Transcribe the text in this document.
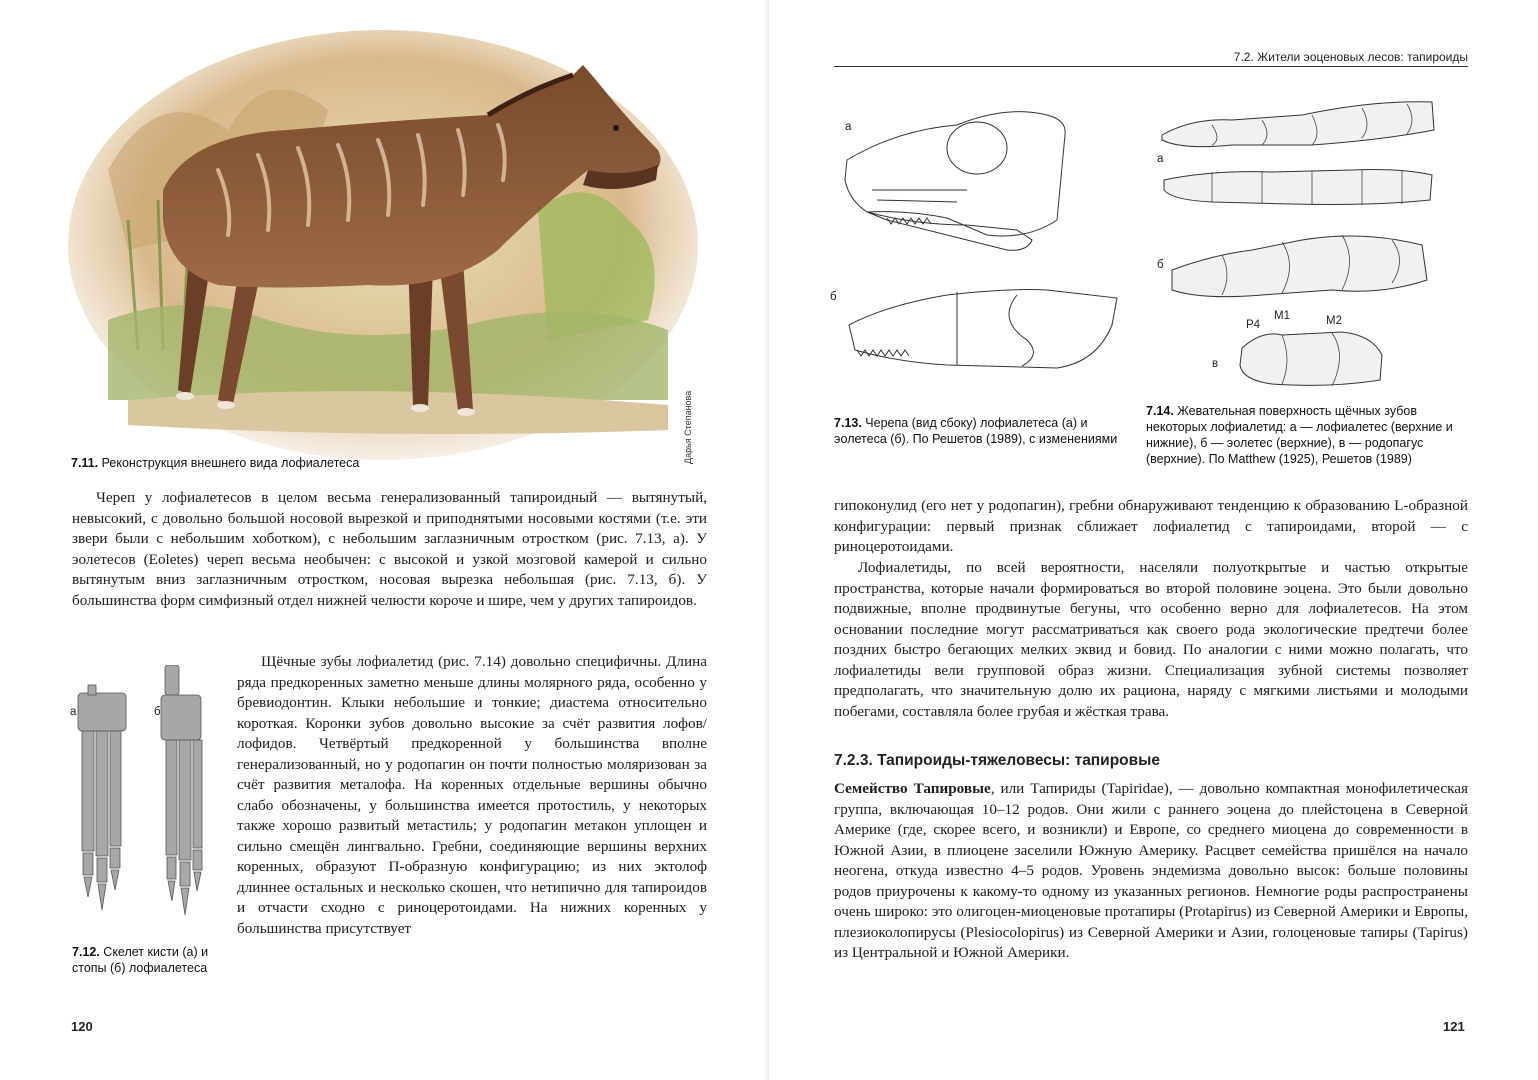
Дарья Степанова
7.11. Реконструкция внешнего вида лофиалетеса
Череп у лофиалетесов в целом весьма генерализованный тапироидный — вытянутый, невысокий, с довольно большой носовой вырезкой и приподнятыми носовыми костями (т.е. эти звери были с небольшим хоботком), с небольшим заглазничным отростком (рис. 7.13, а). У эолетесов (Eoletes) череп весьма необычен: с высокой и узкой мозговой камерой и сильно вытянутым вниз заглазничным отростком, носовая вырезка небольшая (рис. 7.13, б). У большинства форм симфизный отдел нижней челюсти короче и шире, чем у других тапироидов.
а	б
Щёчные зубы лофиалетид (рис. 7.14) довольно специфичны. Длина ряда предкоренных заметно меньше длины молярного ряда, особенно у бревиодонтин. Клыки небольшие и тонкие; диастема относительно короткая. Коронки зубов довольно высокие за счёт развития лофов/лофидов. Четвёртый предкоренной у большинства вполне генерализованный, но у родопагин он почти полностью моляризован за счёт развития металофа. На коренных отдельные вершины обычно слабо обозначены, у большинства имеется протостиль, у некоторых также хорошо развитый метастиль; у родопагин метакон уплощен и сильно смещён лингвально. Гребни, соединяющие вершины верхних коренных, образуют П-образную конфигурацию; из них эктолоф длиннее остальных и несколько скошен, что нетипично для тапироидов и отчасти сходно с риноцеротоидами. На нижних коренных у большинства присутствует
7.12. Скелет кисти (а) и стопы (б) лофиалетеса
120
7.2. Жители эоценовых лесов: тапироиды
а
б
а
б
в
P4
M1	M2
7.13. Черепа (вид сбоку) лофиалетеса (а) и эолетеса (б). По Решетов (1989), с изменениями
7.14. Жевательная поверхность щёчных зубов некоторых лофиалетид: а — лофиалетес (верхние и нижние), б — эолетес (верхние), в — родопагус (верхние). По Matthew (1925), Решетов (1989)
гипоконулид (его нет у родопагин), гребни обнаруживают тенденцию к образованию L-образной конфигурации: первый признак сближает лофиалетид с тапироидами, второй — с риноцеротоидами.
Лофиалетиды, по всей вероятности, населяли полуоткрытые и частью открытые пространства, которые начали формироваться во второй половине эоцена. Это были довольно подвижные, вполне продвинутые бегуны, что особенно верно для лофиалетесов. На этом основании последние могут рассматриваться как своего рода экологические предтечи более поздних быстро бегающих мелких эквид и бовид. По аналогии с ними можно полагать, что лофиалетиды вели групповой образ жизни. Специализация зубной системы позволяет предполагать, что значительную долю их рациона, наряду с мягкими листьями и молодыми побегами, составляла более грубая и жёсткая трава.
7.2.3. Тапироиды-тяжеловесы: тапировые
Семейство Тапировые, или Тапириды (Tapiridae), — довольно компактная монофилетическая группа, включающая 10–12 родов. Они жили с раннего эоцена до плейстоцена в Северной Америке (где, скорее всего, и возникли) и Европе, со среднего миоцена до современности в Южной Азии, в плиоцене заселили Южную Америку. Расцвет семейства пришёлся на начало неогена, откуда известно 4–5 родов. Уровень эндемизма довольно высок: больше половины родов приурочены к какому-то одному из указанных регионов. Немногие роды распространены очень широко: это олигоцен-миоценовые протапиры (Protapirus) из Северной Америки и Европы, плезиоколопирусы (Plesiocolopirus) из Северной Америки и Азии, голоценовые тапиры (Tapirus) из Центральной и Южной Америки.
121
